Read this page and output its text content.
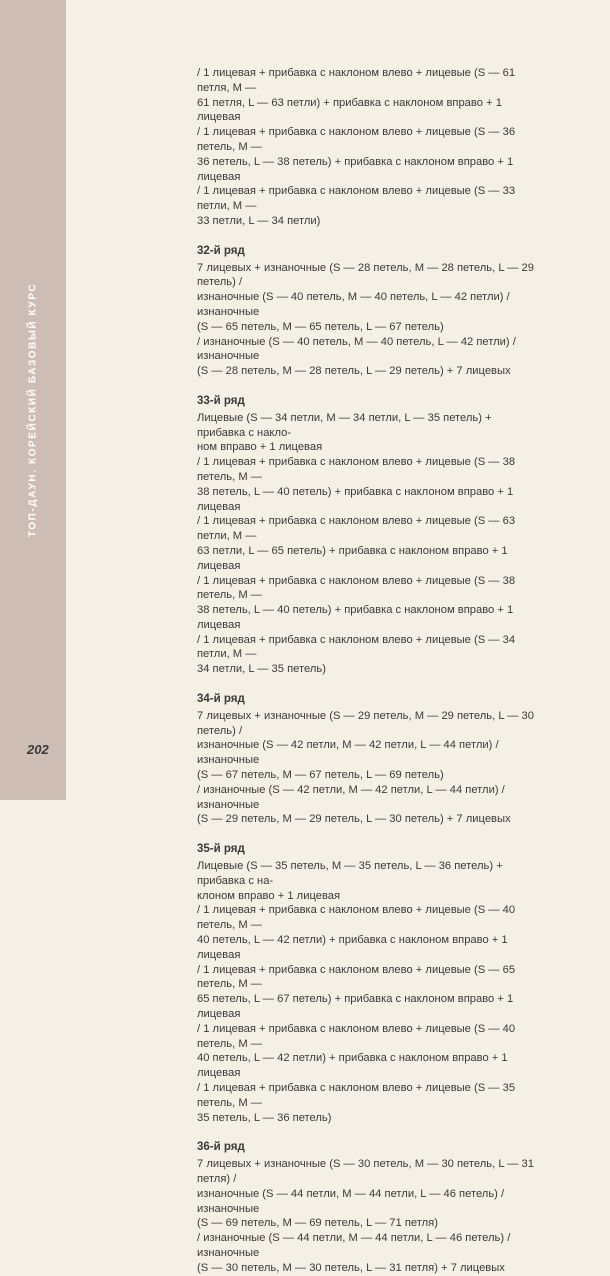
ТОП-ДАУН. КОРЕЙСКИЙ БАЗОВЫЙ КУРС
202

/ 1 лицевая + прибавка с наклоном влево + лицевые (S — 61 петля, M —
61 петля, L — 63 петли) + прибавка с наклоном вправо + 1 лицевая
/ 1 лицевая + прибавка с наклоном влево + лицевые (S — 36 петель, M —
36 петель, L — 38 петель) + прибавка с наклоном вправо + 1 лицевая
/ 1 лицевая + прибавка с наклоном влево + лицевые (S — 33 петли, M —
33 петли, L — 34 петли)

32-й ряд

7 лицевых + изнаночные (S — 28 петель, M — 28 петель, L — 29 петель) /
изнаночные (S — 40 петель, M — 40 петель, L — 42 петли) / изнаночные
(S — 65 петель, M — 65 петель, L — 67 петель)
/ изнаночные (S — 40 петель, M — 40 петель, L — 42 петли) / изнаночные
(S — 28 петель, M — 28 петель, L — 29 петель) + 7 лицевых

33-й ряд

Лицевые (S — 34 петли, M — 34 петли, L — 35 петель) + прибавка с накло-
ном вправо + 1 лицевая
/ 1 лицевая + прибавка с наклоном влево + лицевые (S — 38 петель, M —
38 петель, L — 40 петель) + прибавка с наклоном вправо + 1 лицевая
/ 1 лицевая + прибавка с наклоном влево + лицевые (S — 63 петли, M —
63 петли, L — 65 петель) + прибавка с наклоном вправо + 1 лицевая
/ 1 лицевая + прибавка с наклоном влево + лицевые (S — 38 петель, M —
38 петель, L — 40 петель) + прибавка с наклоном вправо + 1 лицевая
/ 1 лицевая + прибавка с наклоном влево + лицевые (S — 34 петли, M —
34 петли, L — 35 петель)

34-й ряд

7 лицевых + изнаночные (S — 29 петель, M — 29 петель, L — 30 петель) /
изнаночные (S — 42 петли, M — 42 петли, L — 44 петли) / изнаночные
(S — 67 петель, M — 67 петель, L — 69 петель)
/ изнаночные (S — 42 петли, M — 42 петли, L — 44 петли) / изнаночные
(S — 29 петель, M — 29 петель, L — 30 петель) + 7 лицевых

35-й ряд

Лицевые (S — 35 петель, M — 35 петель, L — 36 петель) + прибавка с на-
клоном вправо + 1 лицевая
/ 1 лицевая + прибавка с наклоном влево + лицевые (S — 40 петель, M —
40 петель, L — 42 петли) + прибавка с наклоном вправо + 1 лицевая
/ 1 лицевая + прибавка с наклоном влево + лицевые (S — 65 петель, M —
65 петель, L — 67 петель) + прибавка с наклоном вправо + 1 лицевая
/ 1 лицевая + прибавка с наклоном влево + лицевые (S — 40 петель, M —
40 петель, L — 42 петли) + прибавка с наклоном вправо + 1 лицевая
/ 1 лицевая + прибавка с наклоном влево + лицевые (S — 35 петель, M —
35 петель, L — 36 петель)

36-й ряд

7 лицевых + изнаночные (S — 30 петель, M — 30 петель, L — 31 петля) /
изнаночные (S — 44 петли, M — 44 петли, L — 46 петель) / изнаночные
(S — 69 петель, M — 69 петель, L — 71 петля)
/ изнаночные (S — 44 петли, M — 44 петли, L — 46 петель) / изнаночные
(S — 30 петель, M — 30 петель, L — 31 петля) + 7 лицевых
